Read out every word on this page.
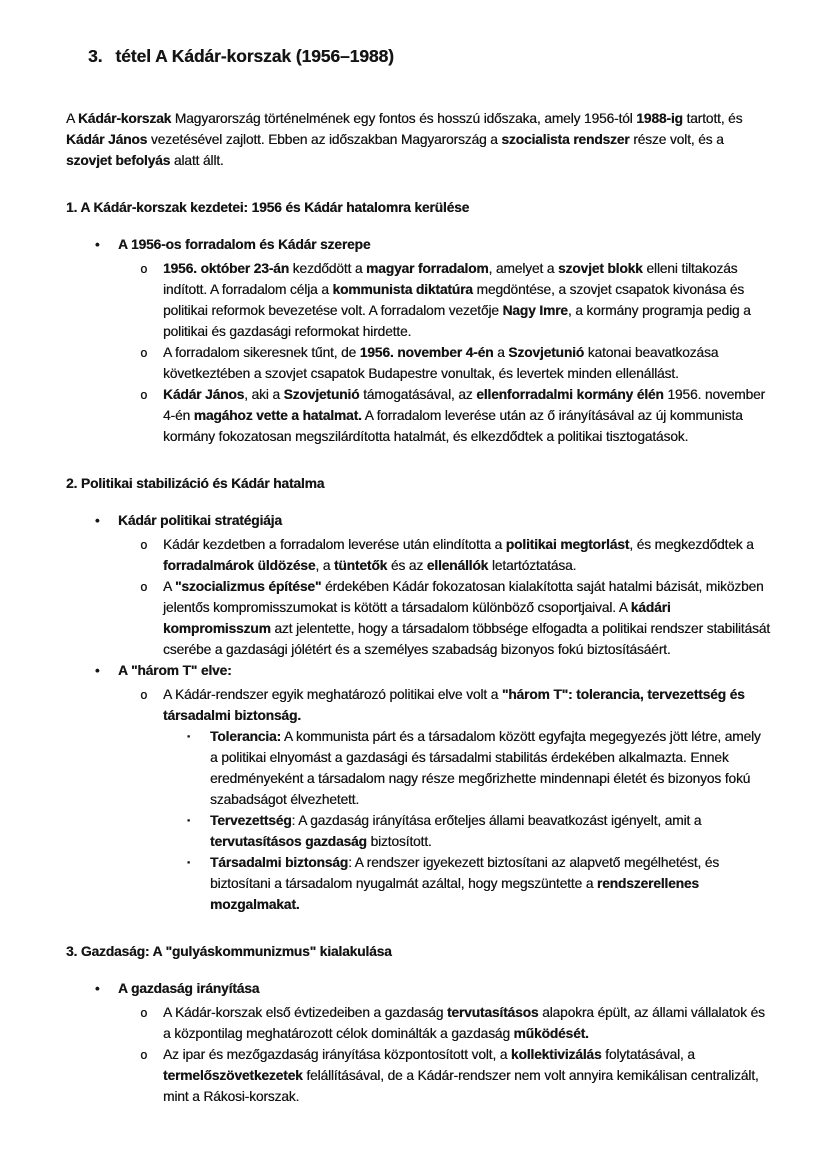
3. tétel A Kádár-korszak (1956–1988)

A Kádár-korszak Magyarország történelmének egy fontos és hosszú időszaka, amely 1956-tól 1988-ig tartott, és Kádár János vezetésével zajlott. Ebben az időszakban Magyarország a szocialista rendszer része volt, és a szovjet befolyás alatt állt.

1. A Kádár-korszak kezdetei: 1956 és Kádár hatalomra kerülése
• A 1956-os forradalom és Kádár szerepe
o 1956. október 23-án kezdődött a magyar forradalom, amelyet a szovjet blokk elleni tiltakozás indított. A forradalom célja a kommunista diktatúra megdöntése, a szovjet csapatok kivonása és politikai reformok bevezetése volt. A forradalom vezetője Nagy Imre, a kormány programja pedig a politikai és gazdasági reformokat hirdette.
o A forradalom sikeresnek tűnt, de 1956. november 4-én a Szovjetunió katonai beavatkozása következtében a szovjet csapatok Budapestre vonultak, és levertek minden ellenállást.
o Kádár János, aki a Szovjetunió támogatásával, az ellenforradalmi kormány élén 1956. november 4-én magához vette a hatalmat. A forradalom leverése után az ő irányításával az új kommunista kormány fokozatosan megszilárdította hatalmát, és elkezdődtek a politikai tisztogatások.
2. Politikai stabilizáció és Kádár hatalma
• Kádár politikai stratégiája
o Kádár kezdetben a forradalom leverése után elindította a politikai megtorlást, és megkezdődtek a forradalmárok üldözése, a tüntetők és az ellenállók letartóztatása.
o A "szocializmus építése" érdekében Kádár fokozatosan kialakította saját hatalmi bázisát, miközben jelentős kompromisszumokat is kötött a társadalom különböző csoportjaival. A kádári kompromisszum azt jelentette, hogy a társadalom többsége elfogadta a politikai rendszer stabilitását cserébe a gazdasági jólétért és a személyes szabadság bizonyos fokú biztosításáért.
• A "három T" elve:
o A Kádár-rendszer egyik meghatározó politikai elve volt a "három T": tolerancia, tervezettség és társadalmi biztonság.
▪ Tolerancia: A kommunista párt és a társadalom között egyfajta megegyezés jött létre, amely a politikai elnyomást a gazdasági és társadalmi stabilitás érdekében alkalmazta. Ennek eredményeként a társadalom nagy része megőrizhette mindennapi életét és bizonyos fokú szabadságot élvezhetett.
▪ Tervezettség: A gazdaság irányítása erőteljes állami beavatkozást igényelt, amit a tervutasításos gazdaság biztosított.
▪ Társadalmi biztonság: A rendszer igyekezett biztosítani az alapvető megélhetést, és biztosítani a társadalom nyugalmát azáltal, hogy megszüntette a rendszerellenes mozgalmakat.
3. Gazdaság: A "gulyáskommunizmus" kialakulása
• A gazdaság irányítása
o A Kádár-korszak első évtizedeiben a gazdaság tervutasításos alapokra épült, az állami vállalatok és a központilag meghatározott célok dominálták a gazdaság működését.
o Az ipar és mezőgazdaság irányítása központosított volt, a kollektivizálás folytatásával, a termelőszövetkezetek felállításával, de a Kádár-rendszer nem volt annyira kemikálisan centralizált, mint a Rákosi-korszak.
